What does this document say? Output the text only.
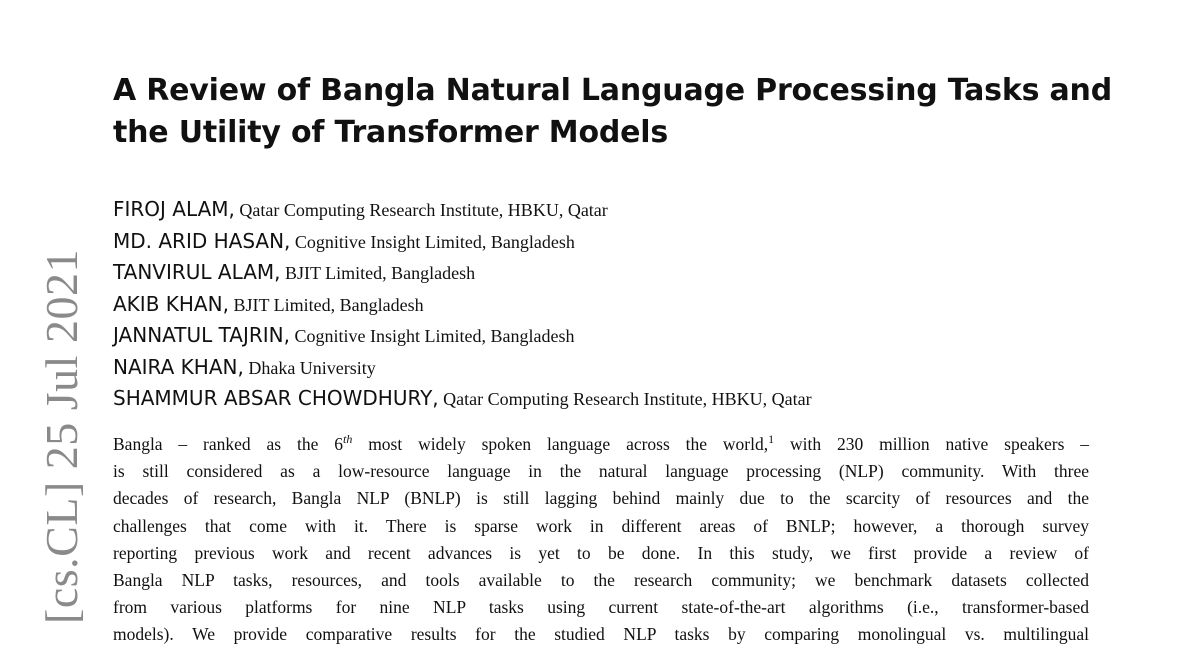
[cs.CL] 25 Jul 2021
A Review of Bangla Natural Language Processing Tasks and
the Utility of Transformer Models
FIROJ ALAM, Qatar Computing Research Institute, HBKU, Qatar
MD. ARID HASAN, Cognitive Insight Limited, Bangladesh
TANVIRUL ALAM, BJIT Limited, Bangladesh
AKIB KHAN, BJIT Limited, Bangladesh
JANNATUL TAJRIN, Cognitive Insight Limited, Bangladesh
NAIRA KHAN, Dhaka University
SHAMMUR ABSAR CHOWDHURY, Qatar Computing Research Institute, HBKU, Qatar
Bangla – ranked as the 6th most widely spoken language across the world,$^1$ with 230 million native speakers –
is still considered as a low-resource language in the natural language processing (NLP) community. With three
decades of research, Bangla NLP (BNLP) is still lagging behind mainly due to the scarcity of resources and the
challenges that come with it. There is sparse work in different areas of BNLP; however, a thorough survey
reporting previous work and recent advances is yet to be done. In this study, we first provide a review of
Bangla NLP tasks, resources, and tools available to the research community; we benchmark datasets collected
from various platforms for nine NLP tasks using current state-of-the-art algorithms (i.e., transformer-based
models). We provide comparative results for the studied NLP tasks by comparing monolingual vs. multilingual
